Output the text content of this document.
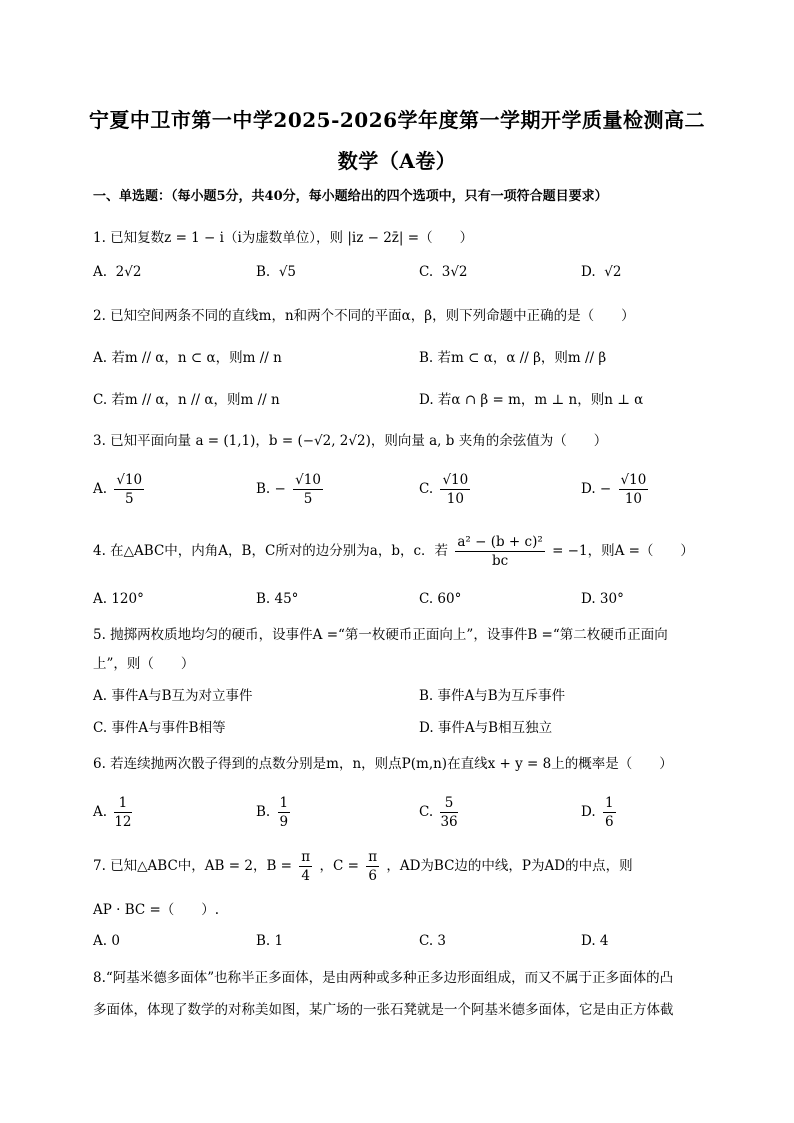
宁夏中卫市第一中学2025-2026学年度第一学期开学质量检测高二
数学（A卷）
一、单选题：（每小题5分，共40分，每小题给出的四个选项中，只有一项符合题目要求）
1. 已知复数z = 1 − i（i为虚数单位），则 |iz − 2z̄| =（　　）
A. 2√2	B. √5	C. 3√2	D. √2
2. 已知空间两条不同的直线m，n和两个不同的平面α，β，则下列命题中正确的是（　　）
A. 若m // α，n ⊂ α，则m // n	B. 若m ⊂ α，α // β，则m // β
C. 若m // α，n // α，则m // n	D. 若α ∩ β = m，m ⊥ n，则n ⊥ α
3. 已知平面向量 a = (1,1)，b = (−√2, 2√2)，则向量 a, b 夹角的余弦值为（　　）
A. $\frac{√10}{5}$	B. − $\frac{√10}{5}$	C. $\frac{√10}{10}$	D. − $\frac{√10}{10}$
4. 在△ABC中，内角A，B，C所对的边分别为a，b，c．若 $\frac{\text{a² − (b + c)²}}{bc} = -1$，则A =（　　）
A. 120°	B. 45°	C. 60°	D. 30°
5. 抛掷两枚质地均匀的硬币，设事件A =“第一枚硬币正面向上”，设事件B =“第二枚硬币正面向
上”，则（　　）
A. 事件A与B互为对立事件	B. 事件A与B为互斥事件
C. 事件A与事件B相等	D. 事件A与B相互独立
6. 若连续抛两次骰子得到的点数分别是m，n，则点P(m,n)在直线x + y = 8上的概率是（　　）
A. $\frac{1}{12}$	B. $\frac{1}{9}$	C. $\frac{5}{36}$	D. $\frac{1}{6}$
7. 已知△ABC中，AB = 2，$B = \frac{\pi}{4}$ ，$C = \frac{\pi}{6}$ ，AD为BC边的中线，P为AD的中点，则
AP · BC =（　　）.
A. 0	B. 1	C. 3	D. 4
8.“阿基米德多面体”也称半正多面体，是由两种或多种正多边形面组成，而又不属于正多面体的凸
多面体，体现了数学的对称美如图，某广场的一张石凳就是一个阿基米德多面体，它是由正方体截
